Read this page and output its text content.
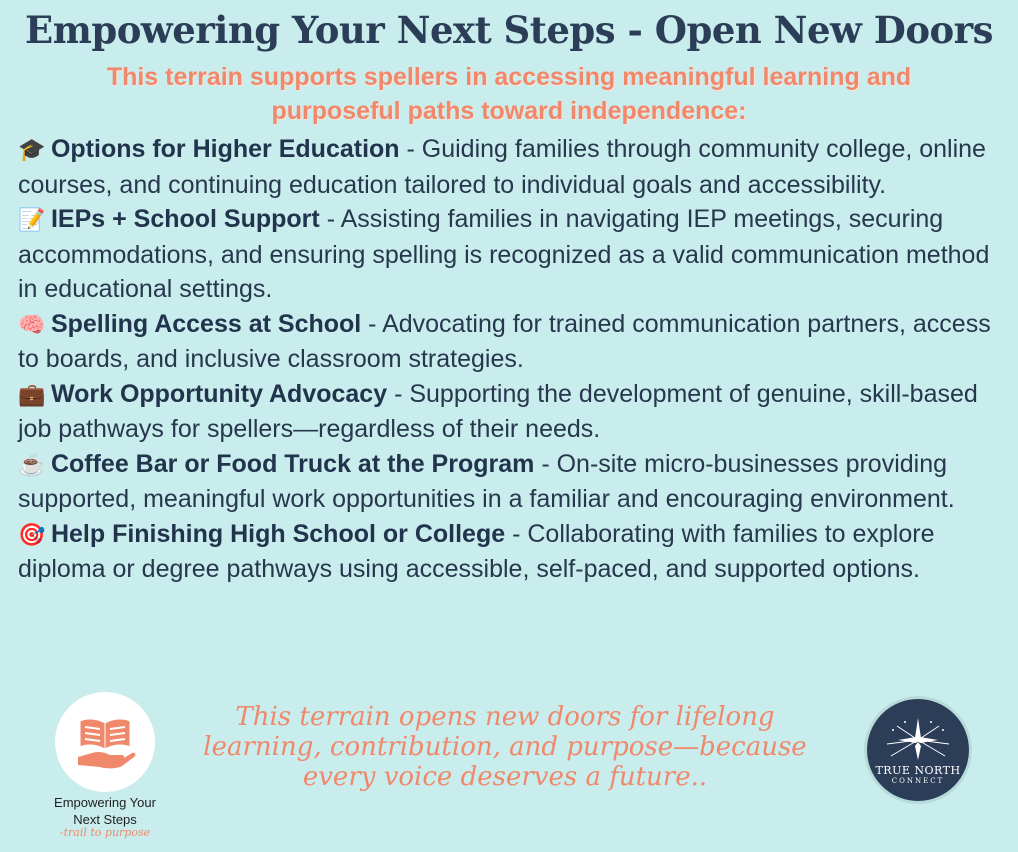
Empowering Your Next Steps - Open New Doors
This terrain supports spellers in accessing meaningful learning and purposeful paths toward independence:
🎓 Options for Higher Education - Guiding families through community college, online courses, and continuing education tailored to individual goals and accessibility.
📝 IEPs + School Support - Assisting families in navigating IEP meetings, securing accommodations, and ensuring spelling is recognized as a valid communication method in educational settings.
🧠 Spelling Access at School - Advocating for trained communication partners, access to boards, and inclusive classroom strategies.
💼 Work Opportunity Advocacy - Supporting the development of genuine, skill-based job pathways for spellers—regardless of their needs.
☕ Coffee Bar or Food Truck at the Program - On-site micro-businesses providing supported, meaningful work opportunities in a familiar and encouraging environment.
🎯 Help Finishing High School or College - Collaborating with families to explore diploma or degree pathways using accessible, self-paced, and supported options.
Empowering Your
Next Steps
-trail to purpose
This terrain opens new doors for lifelong learning, contribution, and purpose—because every voice deserves a future..	TRUE NORTH
CONNECT
